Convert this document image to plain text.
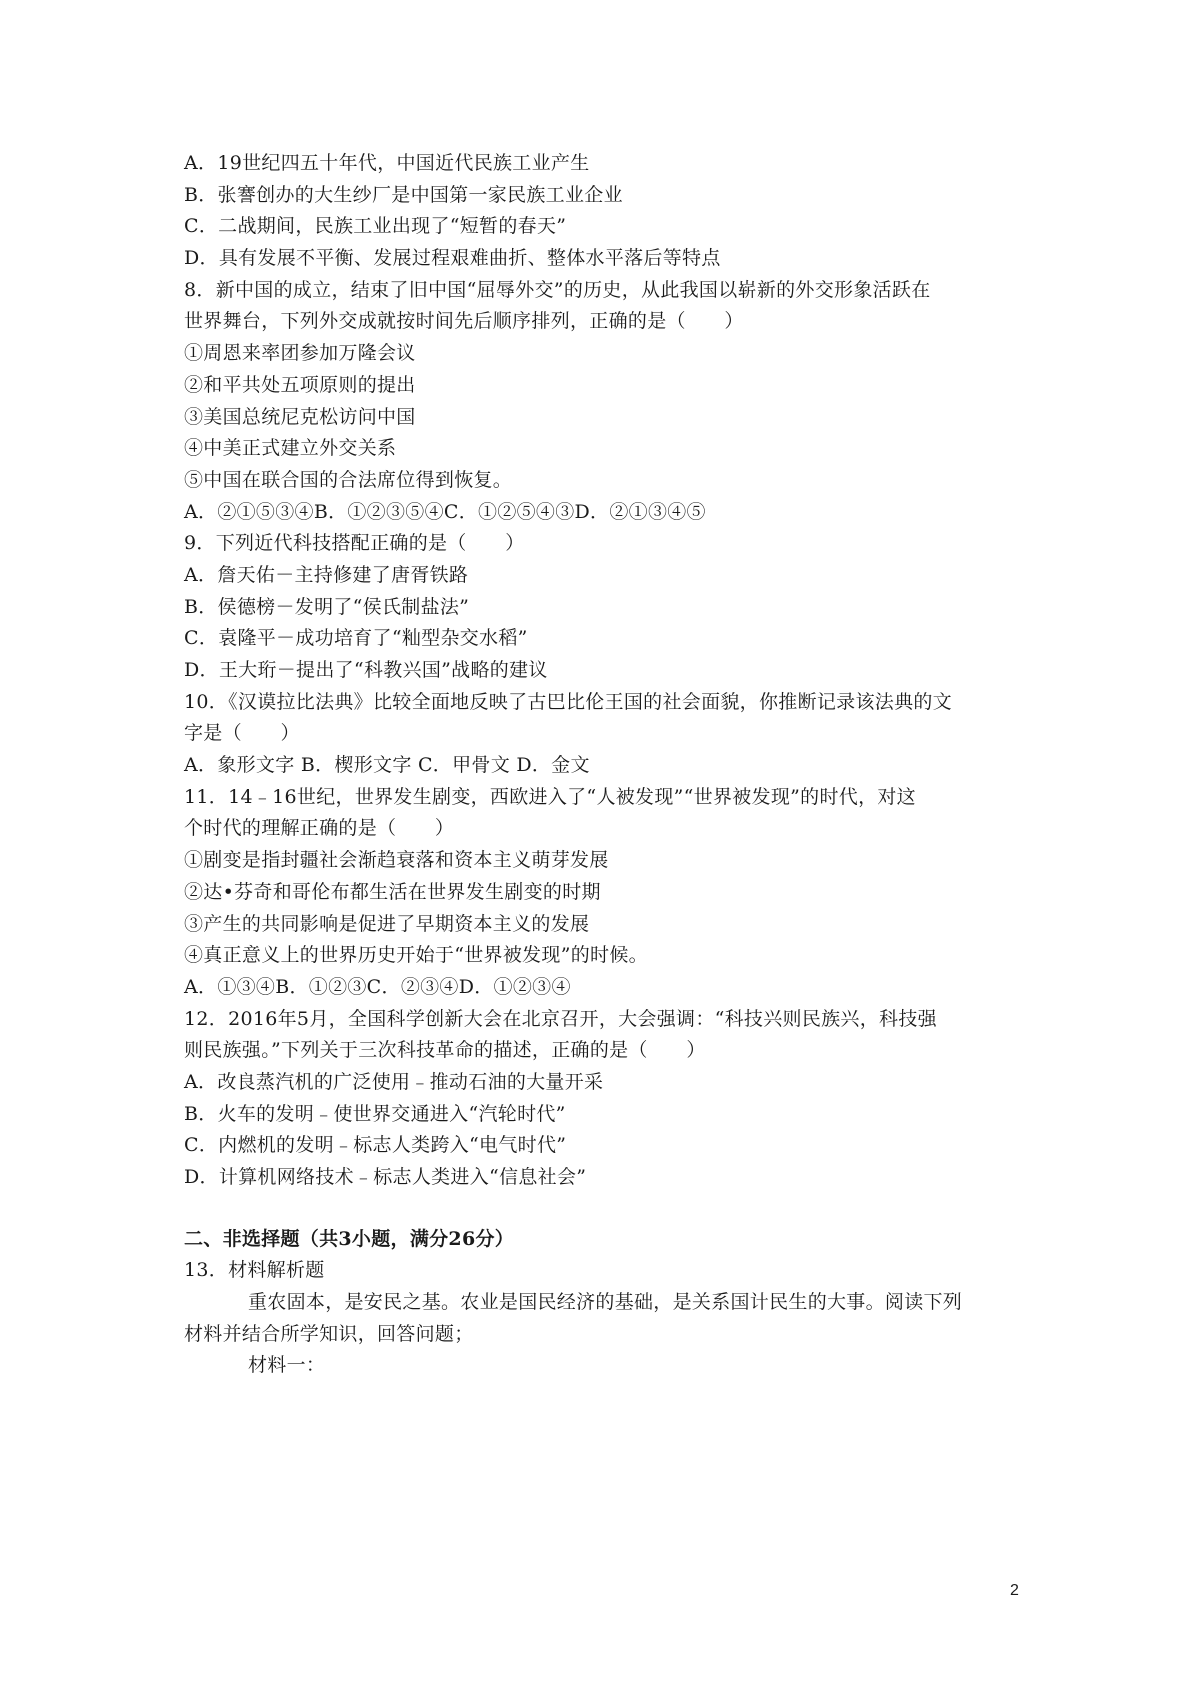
A．19世纪四五十年代，中国近代民族工业产生
B．张謇创办的大生纱厂是中国第一家民族工业企业
C．二战期间，民族工业出现了“短暂的春天”
D．具有发展不平衡、发展过程艰难曲折、整体水平落后等特点
8．新中国的成立，结束了旧中国“屈辱外交”的历史，从此我国以崭新的外交形象活跃在
世界舞台，下列外交成就按时间先后顺序排列，正确的是（　　）
①周恩来率团参加万隆会议
②和平共处五项原则的提出
③美国总统尼克松访问中国
④中美正式建立外交关系
⑤中国在联合国的合法席位得到恢复。
A．②①⑤③④B．①②③⑤④C．①②⑤④③D．②①③④⑤
9．下列近代科技搭配正确的是（　　）
A．詹天佑－主持修建了唐胥铁路
B．侯德榜－发明了“侯氏制盐法”
C．袁隆平－成功培育了“籼型杂交水稻”
D．王大珩－提出了“科教兴国”战略的建议
10．《汉谟拉比法典》比较全面地反映了古巴比伦王国的社会面貌，你推断记录该法典的文
字是（　　）
A．象形文字 B．楔形文字 C．甲骨文 D．金文
11．14﹣16世纪，世界发生剧变，西欧进入了“人被发现”“世界被发现”的时代，对这
个时代的理解正确的是（　　）
①剧变是指封疆社会渐趋衰落和资本主义萌芽发展
②达•芬奇和哥伦布都生活在世界发生剧变的时期
③产生的共同影响是促进了早期资本主义的发展
④真正意义上的世界历史开始于“世界被发现”的时候。
A．①③④B．①②③C．②③④D．①②③④
12．2016年5月，全国科学创新大会在北京召开，大会强调：“科技兴则民族兴，科技强
则民族强。”下列关于三次科技革命的描述，正确的是（　　）
A．改良蒸汽机的广泛使用﹣推动石油的大量开采
B．火车的发明﹣使世界交通进入“汽轮时代”
C．内燃机的发明﹣标志人类跨入“电气时代”
D．计算机网络技术﹣标志人类进入“信息社会”
二、非选择题（共3小题，满分26分）
13．材料解析题
重农固本，是安民之基。农业是国民经济的基础，是关系国计民生的大事。阅读下列
材料并结合所学知识，回答问题；
材料一：
2
